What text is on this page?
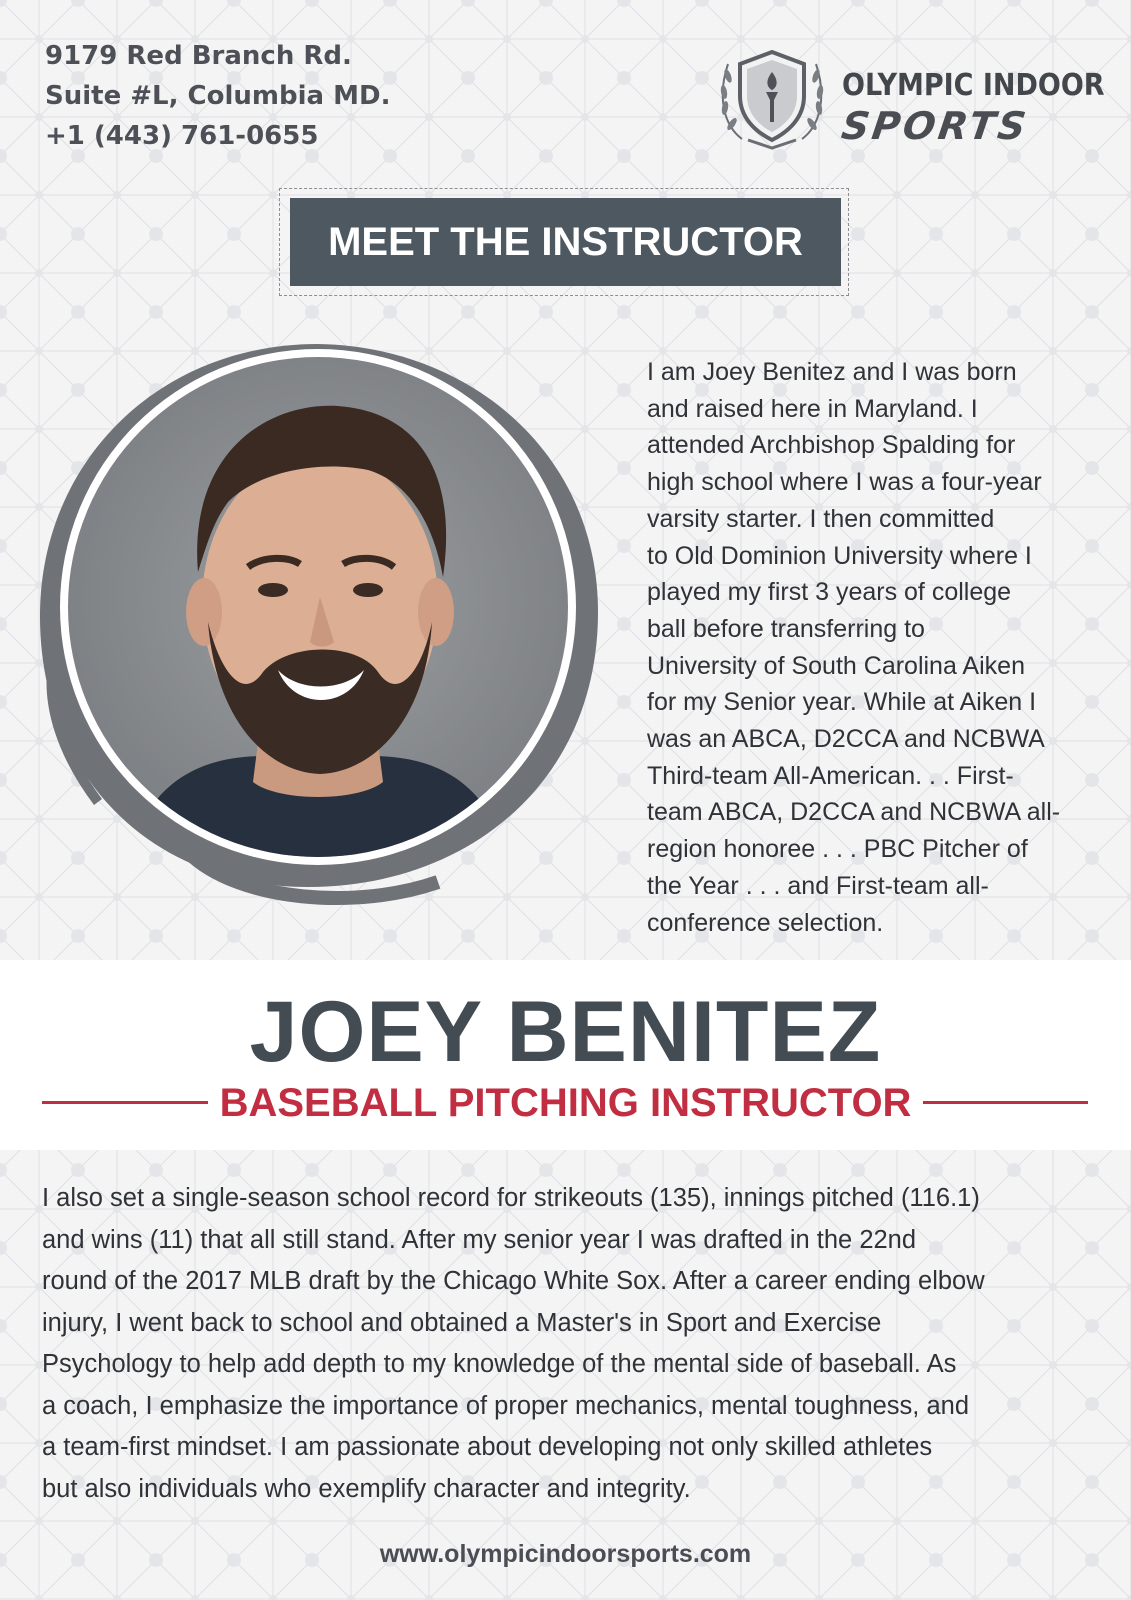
9179 Red Branch Rd.
Suite #L, Columbia MD.
+1 (443) 761-0655
OLYMPIC INDOOR
SPORTS
MEET THE INSTRUCTOR
I am Joey Benitez and I was born
and raised here in Maryland. I
attended Archbishop Spalding for
high school where I was a four-year
varsity starter. I then committed
to Old Dominion University where I
played my first 3 years of college
ball before transferring to
University of South Carolina Aiken
for my Senior year. While at Aiken I
was an ABCA, D2CCA and NCBWA
Third-team All-American. . . First-
team ABCA, D2CCA and NCBWA all-
region honoree . . . PBC Pitcher of
the Year . . . and First-team all-
conference selection.
JOEY BENITEZ
BASEBALL PITCHING INSTRUCTOR
I also set a single-season school record for strikeouts (135), innings pitched (116.1)
and wins (11) that all still stand. After my senior year I was drafted in the 22nd
round of the 2017 MLB draft by the Chicago White Sox. After a career ending elbow
injury, I went back to school and obtained a Master's in Sport and Exercise
Psychology to help add depth to my knowledge of the mental side of baseball. As
a coach, I emphasize the importance of proper mechanics, mental toughness, and
a team-first mindset. I am passionate about developing not only skilled athletes
but also individuals who exemplify character and integrity.
www.olympicindoorsports.com
